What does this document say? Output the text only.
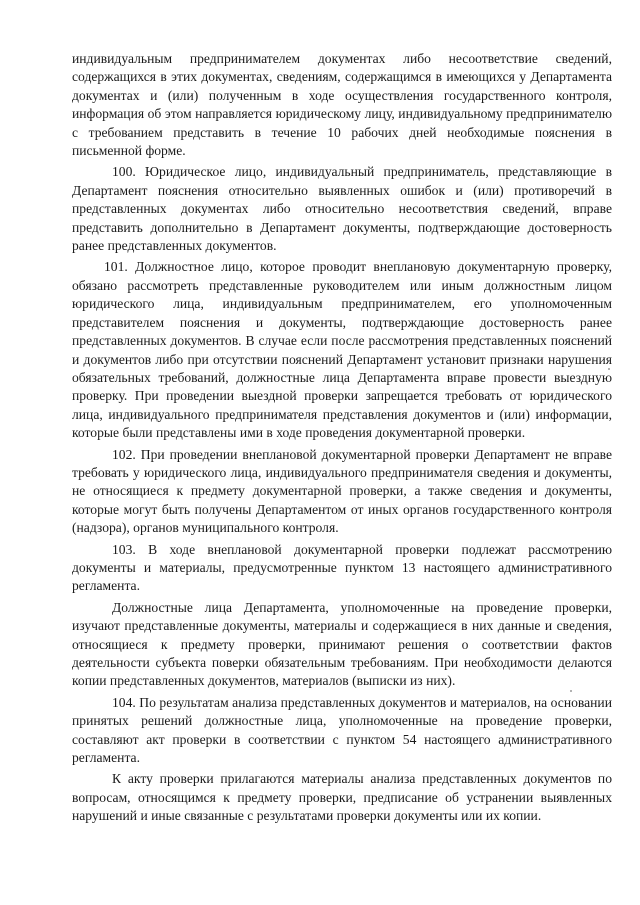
индивидуальным предпринимателем документах либо несоответствие сведений, содержащихся в этих документах, сведениям, содержащимся в имеющихся у Департамента документах и (или) полученным в ходе осуществления государственного контроля, информация об этом направляется юридическому лицу, индивидуальному предпринимателю с требованием представить в течение 10 рабочих дней необходимые пояснения в письменной форме.

100. Юридическое лицо, индивидуальный предприниматель, представляющие в Департамент пояснения относительно выявленных ошибок и (или) противоречий в представленных документах либо относительно несоответствия сведений, вправе представить дополнительно в Департамент документы, подтверждающие достоверность ранее представленных документов.

101. Должностное лицо, которое проводит внеплановую документарную проверку, обязано рассмотреть представленные руководителем или иным должностным лицом юридического лица, индивидуальным предпринимателем, его уполномоченным представителем пояснения и документы, подтверждающие достоверность ранее представленных документов. В случае если после рассмотрения представленных пояснений и документов либо при отсутствии пояснений Департамент установит признаки нарушения обязательных требований, должностные лица Департамента вправе провести выездную проверку. При проведении выездной проверки запрещается требовать от юридического лица, индивидуального предпринимателя представления документов и (или) информации, которые были представлены ими в ходе проведения документарной проверки.

102. При проведении внеплановой документарной проверки Департамент не вправе требовать у юридического лица, индивидуального предпринимателя сведения и документы, не относящиеся к предмету документарной проверки, а также сведения и документы, которые могут быть получены Департаментом от иных органов государственного контроля (надзора), органов муниципального контроля.

103. В ходе внеплановой документарной проверки подлежат рассмотрению документы и материалы, предусмотренные пунктом 13 настоящего административного регламента.

Должностные лица Департамента, уполномоченные на проведение проверки, изучают представленные документы, материалы и содержащиеся в них данные и сведения, относящиеся к предмету проверки, принимают решения о соответствии фактов деятельности субъекта поверки обязательным требованиям. При необходимости делаются копии представленных документов, материалов (выписки из них).

104. По результатам анализа представленных документов и материалов, на основании принятых решений должностные лица, уполномоченные на проведение проверки, составляют акт проверки в соответствии с пунктом 54 настоящего административного регламента.

К акту проверки прилагаются материалы анализа представленных документов по вопросам, относящимся к предмету проверки, предписание об устранении выявленных нарушений и иные связанные с результатами проверки документы или их копии.
